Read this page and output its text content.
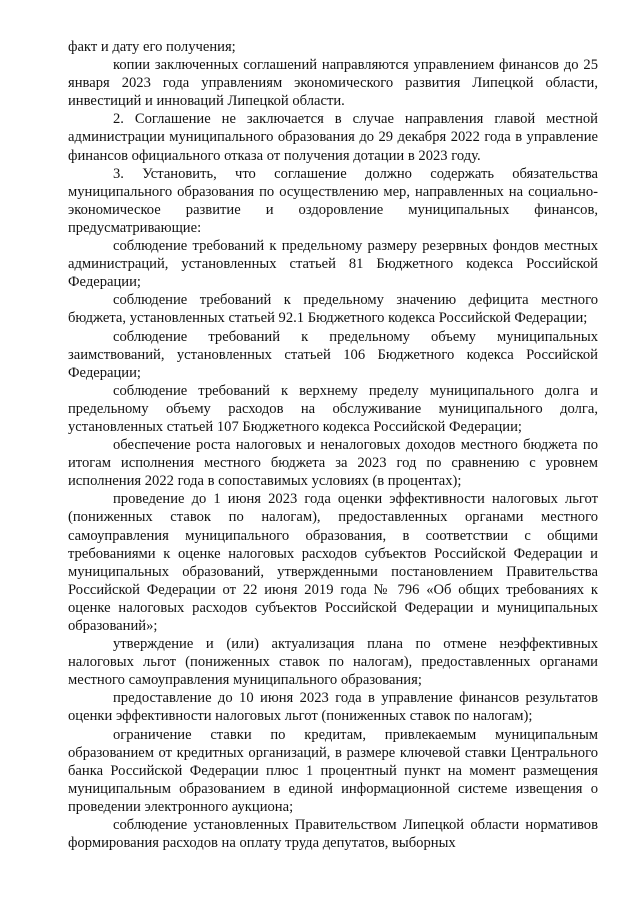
факт и дату его получения;

копии заключенных соглашений направляются управлением финансов до 25 января 2023 года управлениям экономического развития Липецкой области, инвестиций и инноваций Липецкой области.

2. Соглашение не заключается в случае направления главой местной администрации муниципального образования до 29 декабря 2022 года в управление финансов официального отказа от получения дотации в 2023 году.

3. Установить, что соглашение должно содержать обязательства муниципального образования по осуществлению мер, направленных на социально-экономическое развитие и оздоровление муниципальных финансов, предусматривающие:

соблюдение требований к предельному размеру резервных фондов местных администраций, установленных статьей 81 Бюджетного кодекса Российской Федерации;

соблюдение требований к предельному значению дефицита местного бюджета, установленных статьей 92.1 Бюджетного кодекса Российской Федерации;

соблюдение требований к предельному объему муниципальных заимствований, установленных статьей 106 Бюджетного кодекса Российской Федерации;

соблюдение требований к верхнему пределу муниципального долга и предельному объему расходов на обслуживание муниципального долга, установленных статьей 107 Бюджетного кодекса Российской Федерации;

обеспечение роста налоговых и неналоговых доходов местного бюджета по итогам исполнения местного бюджета за 2023 год по сравнению с уровнем исполнения 2022 года в сопоставимых условиях (в процентах);

проведение до 1 июня 2023 года оценки эффективности налоговых льгот (пониженных ставок по налогам), предоставленных органами местного самоуправления муниципального образования, в соответствии с общими требованиями к оценке налоговых расходов субъектов Российской Федерации и муниципальных образований, утвержденными постановлением Правительства Российской Федерации от 22 июня 2019 года № 796 «Об общих требованиях к оценке налоговых расходов субъектов Российской Федерации и муниципальных образований»;

утверждение и (или) актуализация плана по отмене неэффективных налоговых льгот (пониженных ставок по налогам), предоставленных органами местного самоуправления муниципального образования;

предоставление до 10 июня 2023 года в управление финансов результатов оценки эффективности налоговых льгот (пониженных ставок по налогам);

ограничение ставки по кредитам, привлекаемым муниципальным образованием от кредитных организаций, в размере ключевой ставки Центрального банка Российской Федерации плюс 1 процентный пункт на момент размещения муниципальным образованием в единой информационной системе извещения о проведении электронного аукциона;

соблюдение установленных Правительством Липецкой области нормативов формирования расходов на оплату труда депутатов, выборных
